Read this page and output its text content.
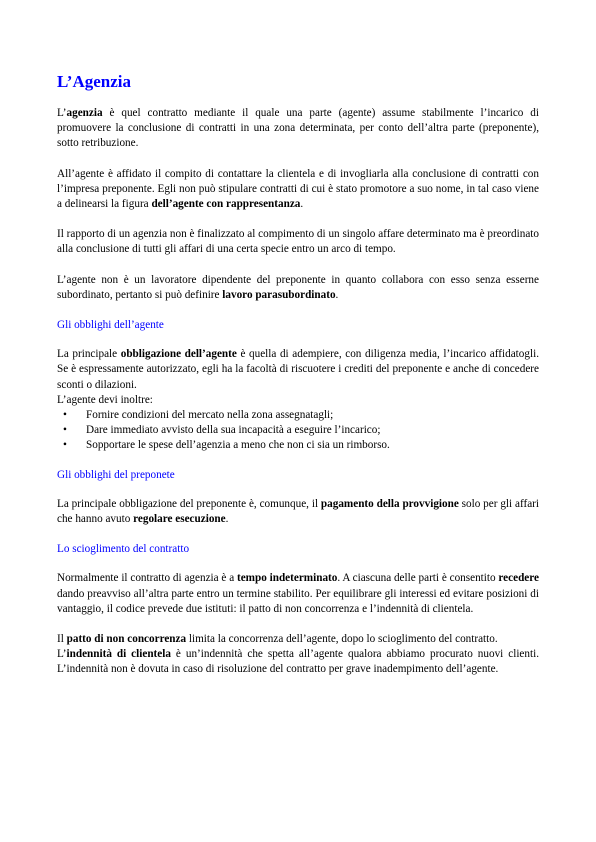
L’Agenzia

L’agenzia è quel contratto mediante il quale una parte (agente) assume stabilmente l’incarico di promuovere la conclusione di contratti in una zona determinata, per conto dell’altra parte (preponente), sotto retribuzione.

All’agente è affidato il compito di contattare la clientela e di invogliarla alla conclusione di contratti con l’impresa preponente. Egli non può stipulare contratti di cui è stato promotore a suo nome, in tal caso viene a delinearsi la figura dell’agente con rappresentanza.

Il rapporto di un agenzia non è finalizzato al compimento di un singolo affare determinato ma è preordinato alla conclusione di tutti gli affari di una certa specie entro un arco di tempo.

L’agente non è un lavoratore dipendente del preponente in quanto collabora con esso senza esserne subordinato, pertanto si può definire lavoro parasubordinato.

Gli obblighi dell’agente

La principale obbligazione dell’agente è quella di adempiere, con diligenza media, l’incarico affidatogli. Se è espressamente autorizzato, egli ha la facoltà di riscuotere i crediti del preponente e anche di concedere sconti o dilazioni.

L’agente devi inoltre:

• Fornire condizioni del mercato nella zona assegnatagli;
• Dare immediato avvisto della sua incapacità a eseguire l’incarico;
• Sopportare le spese dell’agenzia a meno che non ci sia un rimborso.
Gli obblighi del preponete

La principale obbligazione del preponente è, comunque, il pagamento della provvigione solo per gli affari che hanno avuto regolare esecuzione.

Lo scioglimento del contratto

Normalmente il contratto di agenzia è a tempo indeterminato. A ciascuna delle parti è consentito recedere dando preavviso all’altra parte entro un termine stabilito. Per equilibrare gli interessi ed evitare posizioni di vantaggio, il codice prevede due istituti: il patto di non concorrenza e l’indennità di clientela.

Il patto di non concorrenza limita la concorrenza dell’agente, dopo lo scioglimento del contratto.

L’indennità di clientela è un’indennità che spetta all’agente qualora abbiamo procurato nuovi clienti. L’indennità non è dovuta in caso di risoluzione del contratto per grave inadempimento dell’agente.
